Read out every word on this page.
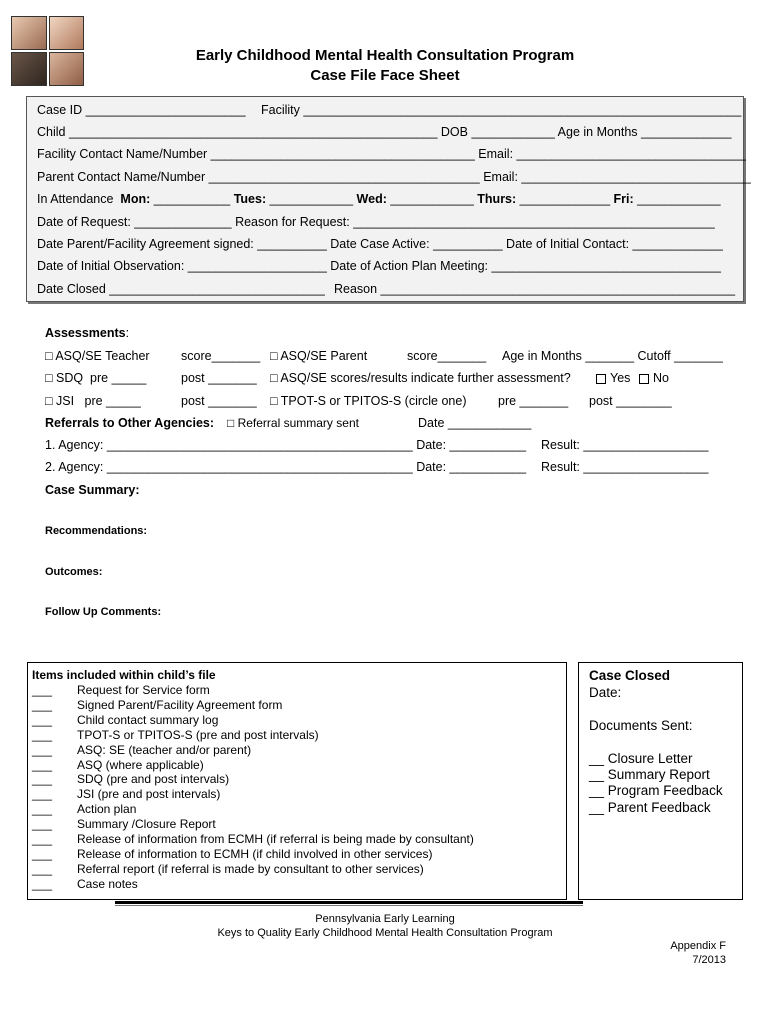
Early Childhood Mental Health Consultation Program
Case File Face Sheet
Case ID _______________________ Facility _______________________________________________________________
Child _____________________________________________________ DOB ____________ Age in Months _____________
Facility Contact Name/Number ______________________________________ Email: _________________________________
Parent Contact Name/Number _______________________________________ Email: _________________________________
In Attendance Mon: ___________ Tues: ____________ Wed: ____________ Thurs: _____________ Fri: ____________
Date of Request: ______________ Reason for Request: ____________________________________________________
Date Parent/Facility Agreement signed: __________ Date Case Active: __________ Date of Initial Contact: _____________
Date of Initial Observation: ____________________ Date of Action Plan Meeting: _________________________________
Date Closed _______________________________ Reason ___________________________________________________
Assessments:
□ ASQ/SE Teacher	score_______ □ ASQ/SE Parent	score_______ Age in Months _______ Cutoff _______
□ SDQ  pre _____	post _______ □ ASQ/SE scores/results indicate further assessment?	Yes	No
□ JSI   pre _____	post _______ □ TPOT-S or TPITOS-S (circle one)	pre _______ post ________
Referrals to Other Agencies: □ Referral summary sent	Date ____________
1. Agency: ____________________________________________ Date: ___________ Result: __________________
2. Agency: ____________________________________________ Date: ___________ Result: __________________
Case Summary:
Recommendations:
Outcomes:
Follow Up Comments:
Items included within child’s file
___ Request for Service form
___ Signed Parent/Facility Agreement form
___ Child contact summary log
___ TPOT-S or TPITOS-S (pre and post intervals)
___ ASQ: SE (teacher and/or parent)
___ ASQ (where applicable)
___ SDQ (pre and post intervals)
___ JSI (pre and post intervals)
___ Action plan
___ Summary /Closure Report
___ Release of information from ECMH (if referral is being made by consultant)
___ Release of information to ECMH (if child involved in other services)
___ Referral report (if referral is made by consultant to other services)
___ Case notes
Case Closed
Date:
Documents Sent:
__ Closure Letter
__ Summary Report
__ Program Feedback
__ Parent Feedback
Pennsylvania Early Learning
Keys to Quality Early Childhood Mental Health Consultation Program
Appendix F
7/2013
